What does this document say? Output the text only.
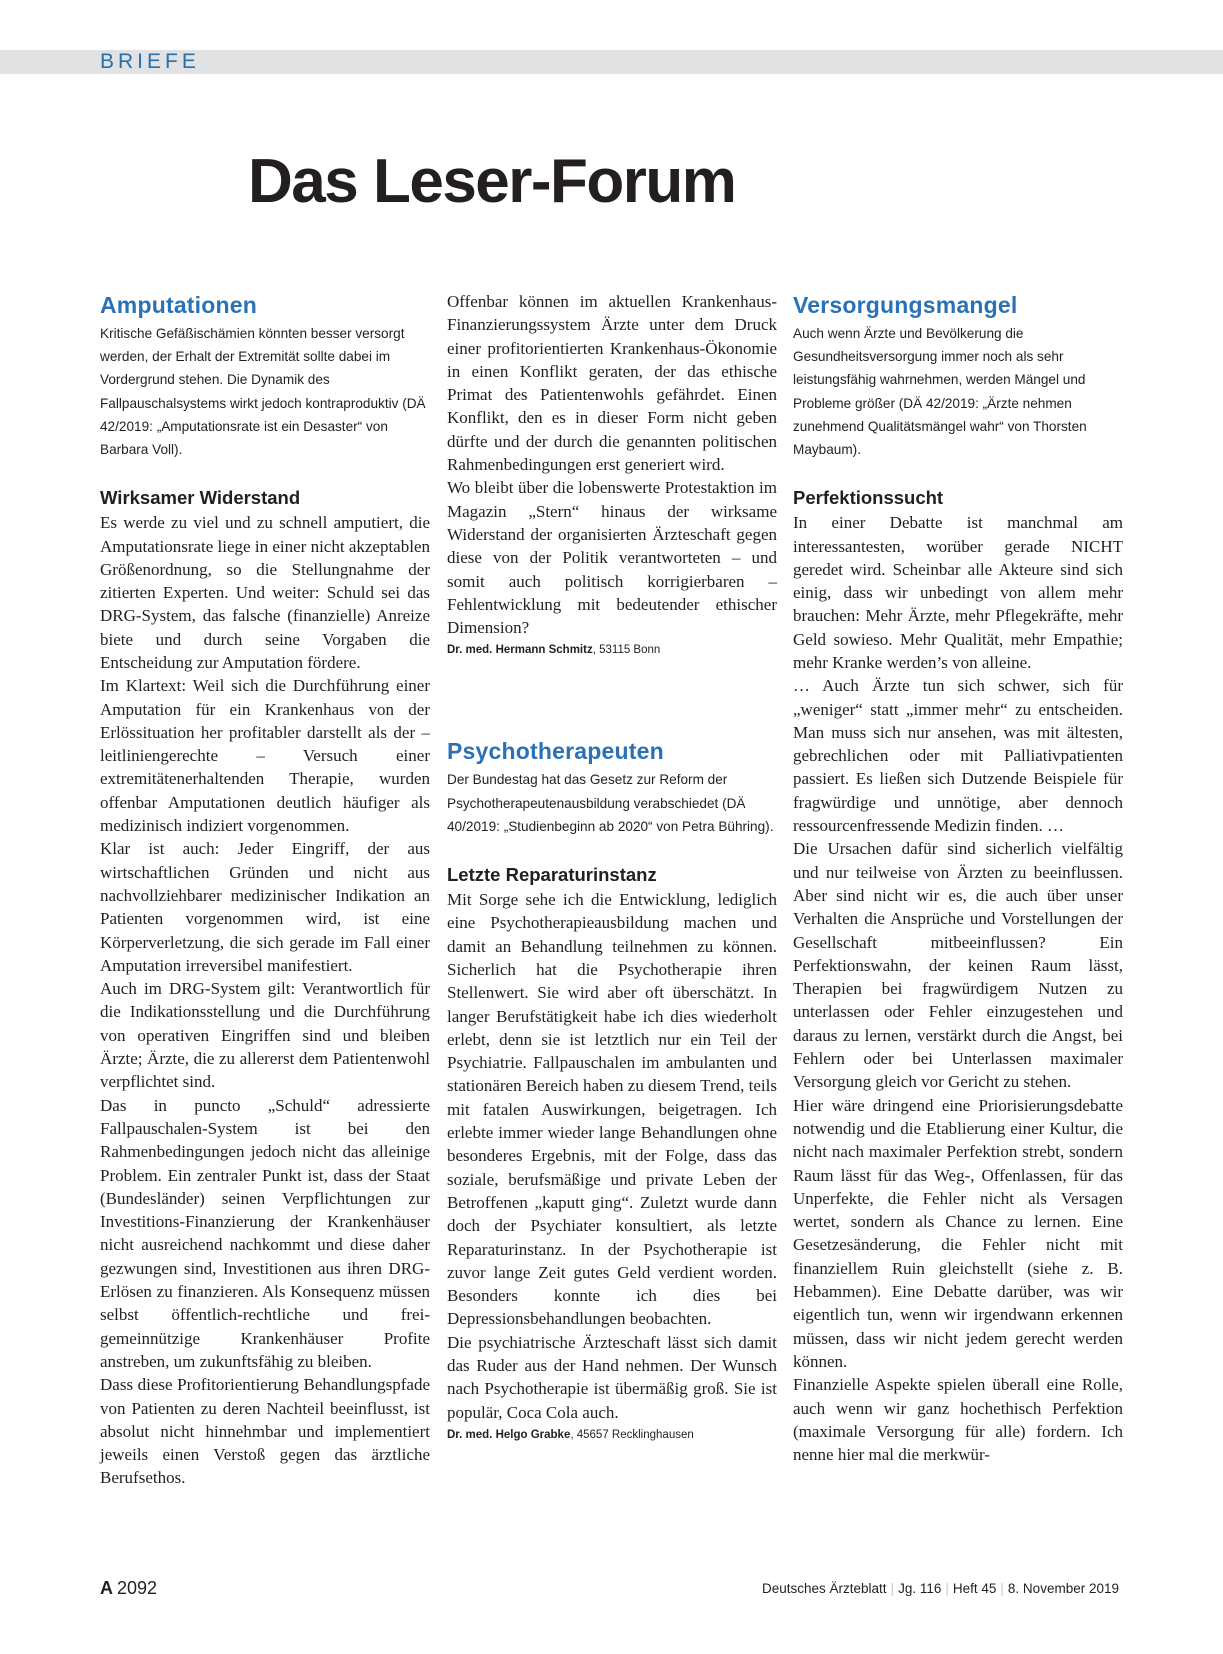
BRIEFE
Das Leser-Forum
Amputationen

Kritische Gefäßischämien könnten besser versorgt werden, der Erhalt der Extremität sollte dabei im Vordergrund stehen. Die Dynamik des Fallpauschalsystems wirkt jedoch kontraproduktiv (DÄ 42/2019: „Amputationsrate ist ein Desaster“ von Barbara Voll).

Wirksamer Widerstand

Es werde zu viel und zu schnell amputiert, die Amputationsrate liege in einer nicht akzeptablen Größenordnung, so die Stellungnahme der zitierten Experten. Und weiter: Schuld sei das DRG-System, das falsche (finanzielle) Anreize biete und durch seine Vorgaben die Entscheidung zur Amputation fördere.

Im Klartext: Weil sich die Durchführung einer Amputation für ein Krankenhaus von der Erlössituation her profitabler darstellt als der – leitliniengerechte – Versuch einer extremitätenerhaltenden Therapie, wurden offenbar Amputationen deutlich häufiger als medizinisch indiziert vorgenommen.

Klar ist auch: Jeder Eingriff, der aus wirtschaftlichen Gründen und nicht aus nachvollziehbarer medizinischer Indikation an Patienten vorgenommen wird, ist eine Körperverletzung, die sich gerade im Fall einer Amputation irreversibel manifestiert.

Auch im DRG-System gilt: Verantwortlich für die Indikationsstellung und die Durchführung von operativen Eingriffen sind und bleiben Ärzte; Ärzte, die zu allererst dem Patientenwohl verpflichtet sind.

Das in puncto „Schuld“ adressierte Fallpauschalen-System ist bei den Rahmenbedingungen jedoch nicht das alleinige Problem. Ein zentraler Punkt ist, dass der Staat (Bundesländer) seinen Verpflichtungen zur Investitions-Finanzierung der Krankenhäuser nicht ausreichend nachkommt und diese daher gezwungen sind, Investitionen aus ihren DRG-Erlösen zu finanzieren. Als Konsequenz müssen selbst öffentlich-rechtliche und frei-gemeinnützige Krankenhäuser Profite anstreben, um zukunftsfähig zu bleiben.

Dass diese Profitorientierung Behandlungspfade von Patienten zu deren Nachteil beeinflusst, ist absolut nicht hinnehmbar und implementiert jeweils einen Verstoß gegen das ärztliche Berufsethos.

Offenbar können im aktuellen Krankenhaus-Finanzierungssystem Ärzte unter dem Druck einer profitorientierten Krankenhaus-Ökonomie in einen Konflikt geraten, der das ethische Primat des Patientenwohls gefährdet. Einen Konflikt, den es in dieser Form nicht geben dürfte und der durch die genannten politischen Rahmenbedingungen erst generiert wird.

Wo bleibt über die lobenswerte Protestaktion im Magazin „Stern“ hinaus der wirksame Widerstand der organisierten Ärzteschaft gegen diese von der Politik verantworteten – und somit auch politisch korrigierbaren – Fehlentwicklung mit bedeutender ethischer Dimension?

Dr. med. Hermann Schmitz, 53115 Bonn

Psychotherapeuten

Der Bundestag hat das Gesetz zur Reform der Psychotherapeutenausbildung verabschiedet (DÄ 40/2019: „Studienbeginn ab 2020“ von Petra Bühring).

Letzte Reparaturinstanz

Mit Sorge sehe ich die Entwicklung, lediglich eine Psychotherapieausbildung machen und damit an Behandlung teilnehmen zu können. Sicherlich hat die Psychotherapie ihren Stellenwert. Sie wird aber oft überschätzt. In langer Berufstätigkeit habe ich dies wiederholt erlebt, denn sie ist letztlich nur ein Teil der Psychiatrie. Fallpauschalen im ambulanten und stationären Bereich haben zu diesem Trend, teils mit fatalen Auswirkungen, beigetragen. Ich erlebte immer wieder lange Behandlungen ohne besonderes Ergebnis, mit der Folge, dass das soziale, berufsmäßige und private Leben der Betroffenen „kaputt ging“. Zuletzt wurde dann doch der Psychiater konsultiert, als letzte Reparaturinstanz. In der Psychotherapie ist zuvor lange Zeit gutes Geld verdient worden. Besonders konnte ich dies bei Depressionsbehandlungen beobachten.

Die psychiatrische Ärzteschaft lässt sich damit das Ruder aus der Hand nehmen. Der Wunsch nach Psychotherapie ist übermäßig groß. Sie ist populär, Coca Cola auch.

Dr. med. Helgo Grabke, 45657 Recklinghausen

Versorgungsmangel

Auch wenn Ärzte und Bevölkerung die Gesundheitsversorgung immer noch als sehr leistungsfähig wahrnehmen, werden Mängel und Probleme größer (DÄ 42/2019: „Ärzte nehmen zunehmend Qualitätsmängel wahr“ von Thorsten Maybaum).

Perfektionssucht

In einer Debatte ist manchmal am interessantesten, worüber gerade NICHT geredet wird. Scheinbar alle Akteure sind sich einig, dass wir unbedingt von allem mehr brauchen: Mehr Ärzte, mehr Pflegekräfte, mehr Geld sowieso. Mehr Qualität, mehr Empathie; mehr Kranke werden’s von alleine.

… Auch Ärzte tun sich schwer, sich für „weniger“ statt „immer mehr“ zu entscheiden. Man muss sich nur ansehen, was mit ältesten, gebrechlichen oder mit Palliativpatienten passiert. Es ließen sich Dutzende Beispiele für fragwürdige und unnötige, aber dennoch ressourcenfressende Medizin finden. …

Die Ursachen dafür sind sicherlich vielfältig und nur teilweise von Ärzten zu beeinflussen. Aber sind nicht wir es, die auch über unser Verhalten die Ansprüche und Vorstellungen der Gesellschaft mitbeeinflussen? Ein Perfektionswahn, der keinen Raum lässt, Therapien bei fragwürdigem Nutzen zu unterlassen oder Fehler einzugestehen und daraus zu lernen, verstärkt durch die Angst, bei Fehlern oder bei Unterlassen maximaler Versorgung gleich vor Gericht zu stehen.

Hier wäre dringend eine Priorisierungsdebatte notwendig und die Etablierung einer Kultur, die nicht nach maximaler Perfektion strebt, sondern Raum lässt für das Weg-, Offenlassen, für das Unperfekte, die Fehler nicht als Versagen wertet, sondern als Chance zu lernen. Eine Gesetzesänderung, die Fehler nicht mit finanziellem Ruin gleichstellt (siehe z. B. Hebammen). Eine Debatte darüber, was wir eigentlich tun, wenn wir irgendwann erkennen müssen, dass wir nicht jedem gerecht werden können.

Finanzielle Aspekte spielen überall eine Rolle, auch wenn wir ganz hochethisch Perfektion (maximale Versorgung für alle) fordern. Ich nenne hier mal die merkwür-

A 2092	Deutsches Ärzteblatt | Jg. 116 | Heft 45 | 8. November 2019
